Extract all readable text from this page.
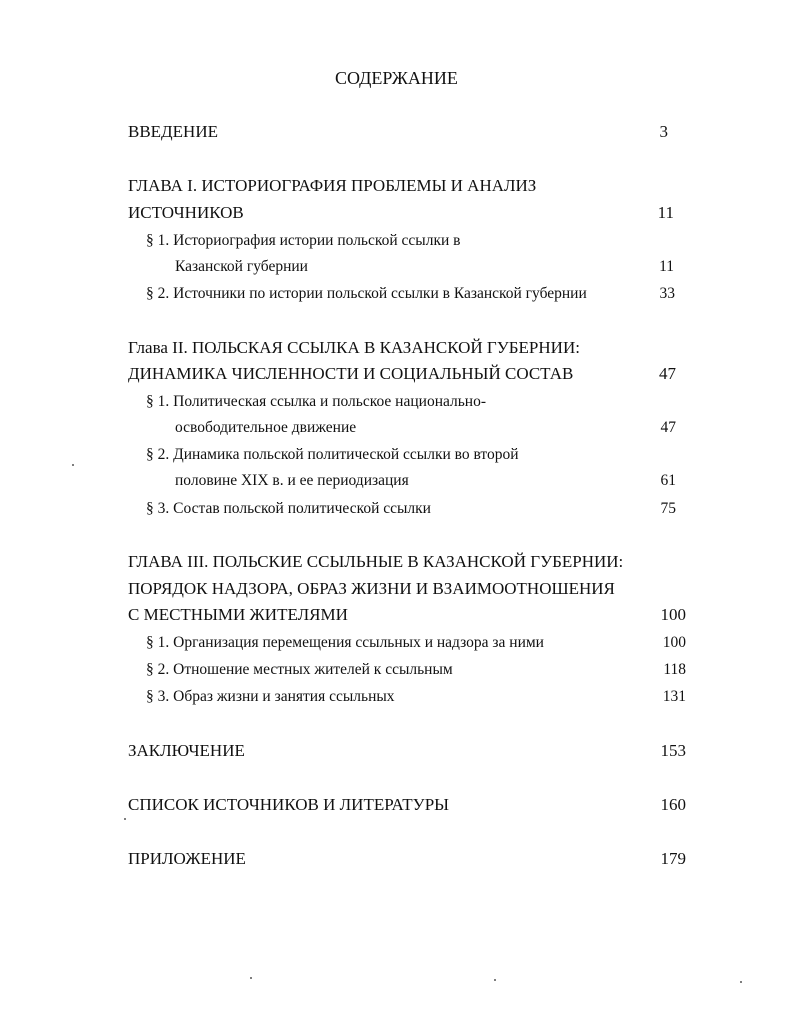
СОДЕРЖАНИЕ
ВВЕДЕНИЕ	3
ГЛАВА I. ИСТОРИОГРАФИЯ ПРОБЛЕМЫ И АНАЛИЗ
ИСТОЧНИКОВ	11
§ 1. Историография истории польской ссылки в
Казанской губернии	11
§ 2. Источники по истории польской ссылки в Казанской губернии	33
Глава II. ПОЛЬСКАЯ ССЫЛКА В КАЗАНСКОЙ ГУБЕРНИИ:
ДИНАМИКА ЧИСЛЕННОСТИ И СОЦИАЛЬНЫЙ СОСТАВ	47
§ 1. Политическая ссылка и польское национально-
освободительное движение	47
§ 2. Динамика польской политической ссылки во второй
половине XIX в. и ее периодизация	61
§ 3. Состав польской политической ссылки	75
ГЛАВА III. ПОЛЬСКИЕ ССЫЛЬНЫЕ В КАЗАНСКОЙ ГУБЕРНИИ:
ПОРЯДОК НАДЗОРА, ОБРАЗ ЖИЗНИ И ВЗАИМООТНОШЕНИЯ
С МЕСТНЫМИ ЖИТЕЛЯМИ	100
§ 1. Организация перемещения ссыльных и надзора за ними	100
§ 2. Отношение местных жителей к ссыльным	118
§ 3. Образ жизни и занятия ссыльных	131
ЗАКЛЮЧЕНИЕ	153
СПИСОК ИСТОЧНИКОВ И ЛИТЕРАТУРЫ	160
ПРИЛОЖЕНИЕ	179
